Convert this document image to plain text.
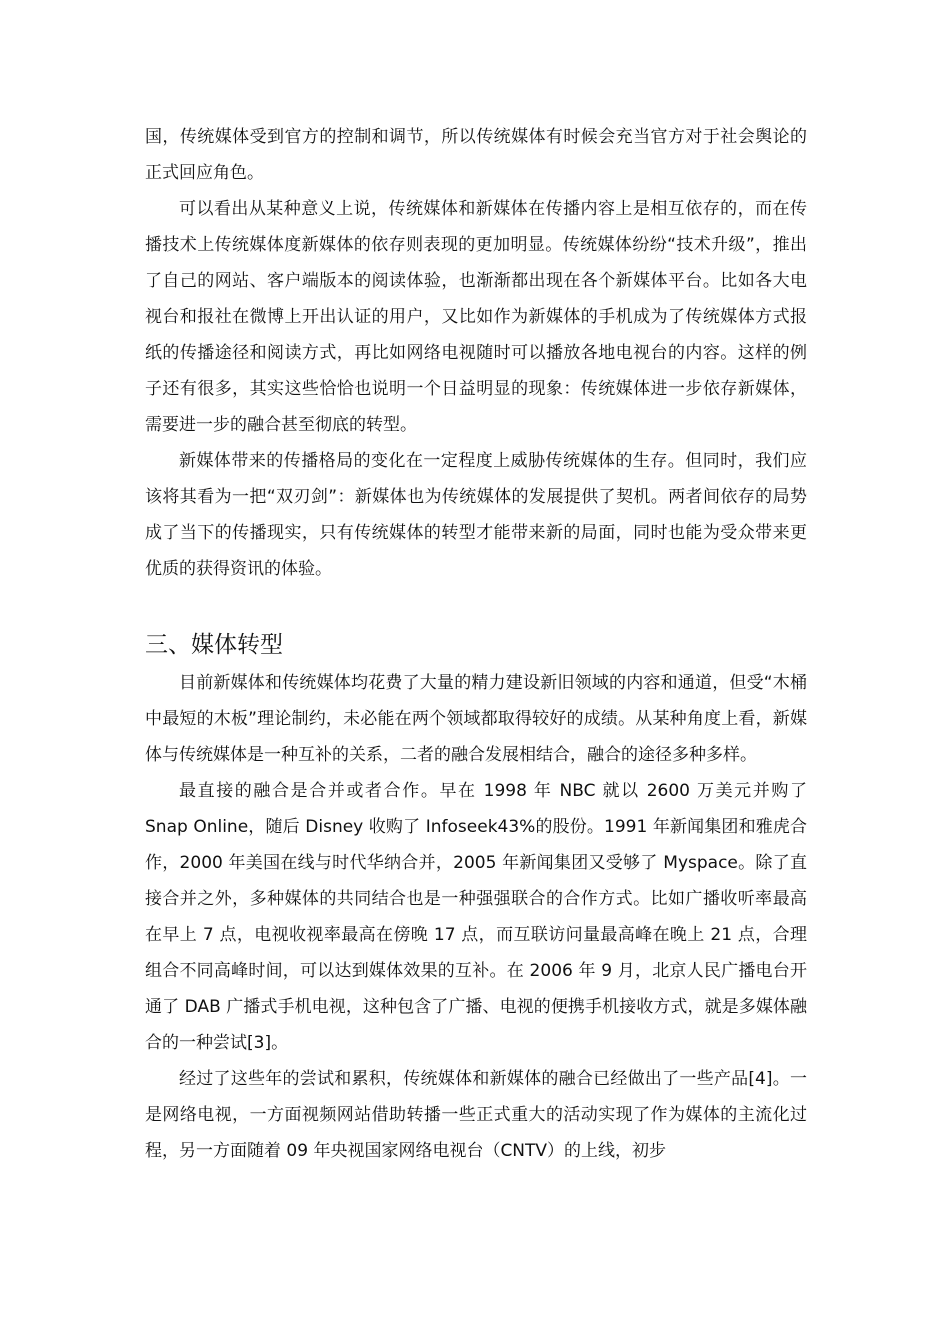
国，传统媒体受到官方的控制和调节，所以传统媒体有时候会充当官方对于社会舆论的正式回应角色。

可以看出从某种意义上说，传统媒体和新媒体在传播内容上是相互依存的，而在传播技术上传统媒体度新媒体的依存则表现的更加明显。传统媒体纷纷“技术升级”，推出了自己的网站、客户端版本的阅读体验，也渐渐都出现在各个新媒体平台。比如各大电视台和报社在微博上开出认证的用户，又比如作为新媒体的手机成为了传统媒体方式报纸的传播途径和阅读方式，再比如网络电视随时可以播放各地电视台的内容。这样的例子还有很多，其实这些恰恰也说明一个日益明显的现象：传统媒体进一步依存新媒体，需要进一步的融合甚至彻底的转型。

新媒体带来的传播格局的变化在一定程度上威胁传统媒体的生存。但同时，我们应该将其看为一把“双刃剑”：新媒体也为传统媒体的发展提供了契机。两者间依存的局势成了当下的传播现实，只有传统媒体的转型才能带来新的局面，同时也能为受众带来更优质的获得资讯的体验。

三、媒体转型

目前新媒体和传统媒体均花费了大量的精力建设新旧领域的内容和通道，但受“木桶中最短的木板”理论制约，未必能在两个领域都取得较好的成绩。从某种角度上看，新媒体与传统媒体是一种互补的关系，二者的融合发展相结合，融合的途径多种多样。

最直接的融合是合并或者合作。早在 1998 年 NBC 就以 2600 万美元并购了 Snap Online，随后 Disney 收购了 Infoseek43%的股份。1991 年新闻集团和雅虎合作，2000 年美国在线与时代华纳合并，2005 年新闻集团又受够了 Myspace。除了直接合并之外，多种媒体的共同结合也是一种强强联合的合作方式。比如广播收听率最高在早上 7 点，电视收视率最高在傍晚 17 点，而互联访问量最高峰在晚上 21 点，合理组合不同高峰时间，可以达到媒体效果的互补。在 2006 年 9 月，北京人民广播电台开通了 DAB 广播式手机电视，这种包含了广播、电视的便携手机接收方式，就是多媒体融合的一种尝试[3]。

经过了这些年的尝试和累积，传统媒体和新媒体的融合已经做出了一些产品[4]。一是网络电视，一方面视频网站借助转播一些正式重大的活动实现了作为媒体的主流化过程，另一方面随着 09 年央视国家网络电视台（CNTV）的上线，初步
